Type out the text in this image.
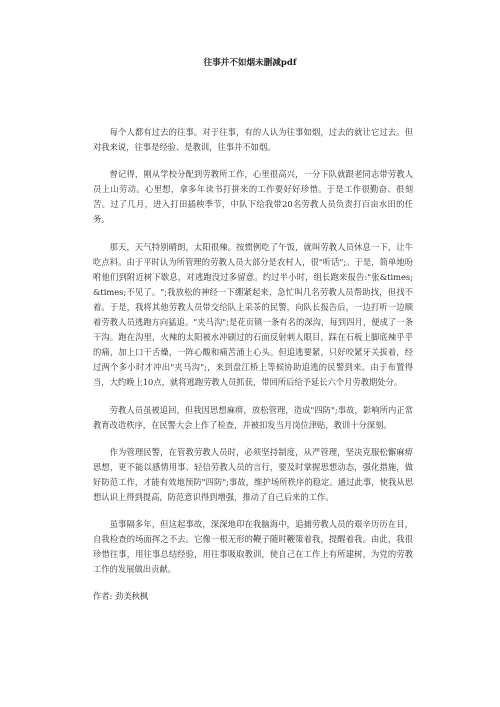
往事并不如烟未删减pdf

每个人都有过去的往事。对于往事，有的人认为往事如烟，过去的就让它过去。但对我来说，往事是经验、是教训，往事并不如烟。

曾记得，刚从学校分配到劳教所工作，心里很高兴，一分下队就跟老同志带劳教人员上山劳动。心里想，拿多年读书打拼来的工作要好好珍惜。于是工作很勤奋、很刻苦。过了几月，进入打田插秧季节，中队下给我带20名劳教人员负责打百亩水田的任务。

那天，天气特别晴朗，太阳很辣。按惯例吃了午饭，就叫劳教人员休息一下，让牛吃点料。由于平时认为所管理的劳教人员大部分是农村人，很"听话";。于是，简单地吩咐他们到附近树下歇息，对逃跑没过多留意。约过半小时，组长跑来报告:"张&times;&times;不见了。";我放松的神经一下绷紧起来，急忙叫几名劳教人员帮助找，但找不着。于是，我将其他劳教人员带交给队上采茶的民警，向队长报告后，一边打听一边顺着劳教人员逃跑方向猛追。"夹马沟";是花页镇一条有名的深沟，每到四月，便成了一条干沟。跑在沟里，火辣的太阳被水冲刷过的石面反射刺人眼目，踩在石板上脚底辣乎乎的痛，加上口干舌燥，一阵心酸和痛苦涌上心头。但追逃要紧，只好咬紧牙关拔着，经过两个多小时才冲出"夹马沟";，来到盘江桥上等候协助追逃的民警到来。由于布置得当，大约晚上10点，就将逃跑劳教人员抓获，带回所后给予延长六个月劳教期处分。

劳教人员虽被追回，但我因思想麻痹，放松管理，造成"四防";事故，影响所内正常教育改造秩序，在民警大会上作了检查，并被扣发当月岗位津贴，教训十分深刻。

作为管理民警，在管教劳教人员时，必须坚持制度，从严管理，坚决克服松懈麻痹思想，更不能以感情用事、轻信劳教人员的言行，要及时掌握思想动态，强化措施，做好防范工作，才能有效地预防"四防";事故，维护场所秩序的稳定。通过此事，使我从思想认识上得到提高，防范意识得到增强，推动了自己后来的工作。

虽事隔多年，但这起事故，深深地印在我脑海中，追捕劳教人员的艰辛历历在目，自我检查的场面挥之不去。它像一根无形的鞭子随时鞭策着我，提醒着我。由此，我很珍惜往事，用往事总结经验，用往事吸取教训，使自己在工作上有所建树，为党的劳教工作的发展做出贡献。

作者: 劲美秋枫
